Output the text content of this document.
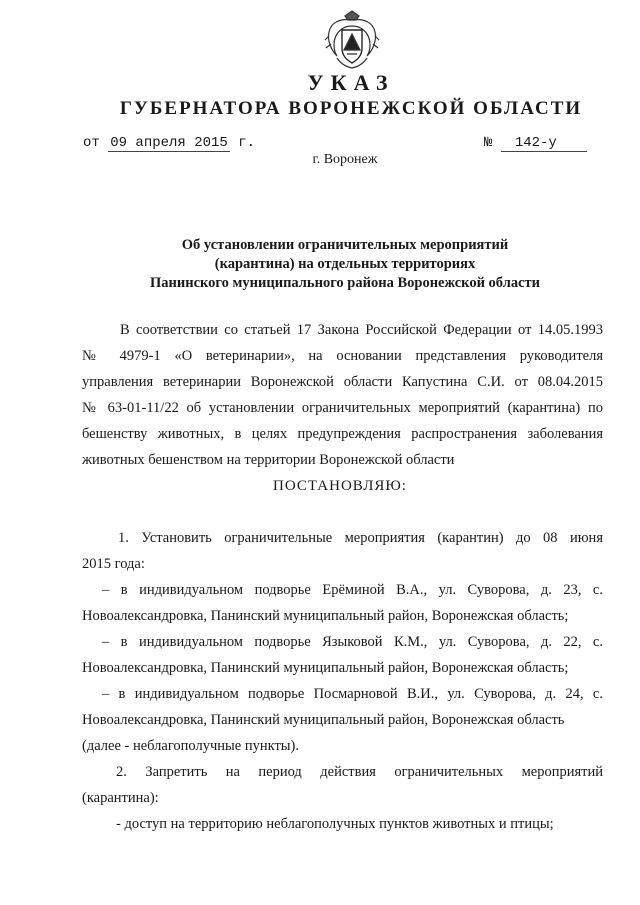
УКАЗ
ГУБЕРНАТОРА ВОРОНЕЖСКОЙ ОБЛАСТИ
от 09 апреля 2015 г.	№ 142-у
г. Воронеж
Об установлении ограничительных мероприятий
(карантина) на отдельных территориях
Панинского муниципального района Воронежской области
В соответствии со статьей 17 Закона Российской Федерации от 14.05.1993
№ 4979-1 «О ветеринарии», на основании представления руководителя
управления ветеринарии Воронежской области Капустина С.И. от 08.04.2015
№ 63-01-11/22 об установлении ограничительных мероприятий (карантина) по
бешенству животных, в целях предупреждения распространения заболевания
животных бешенством на территории Воронежской области
ПОСТАНОВЛЯЮ:
1. Установить ограничительные мероприятия (карантин) до 08 июня
2015 года:
– в индивидуальном подворье Ерёминой В.А., ул. Суворова, д. 23, с.
Новоалександровка, Панинский муниципальный район, Воронежская область;
– в индивидуальном подворье Языковой К.М., ул. Суворова, д. 22, с.
Новоалександровка, Панинский муниципальный район, Воронежская область;
– в индивидуальном подворье Посмарновой В.И., ул. Суворова, д. 24, с.
Новоалександровка, Панинский муниципальный район, Воронежская область
(далее - неблагополучные пункты).
2. Запретить на период действия ограничительных мероприятий
(карантина):
- доступ на территорию неблагополучных пунктов животных и птицы;
